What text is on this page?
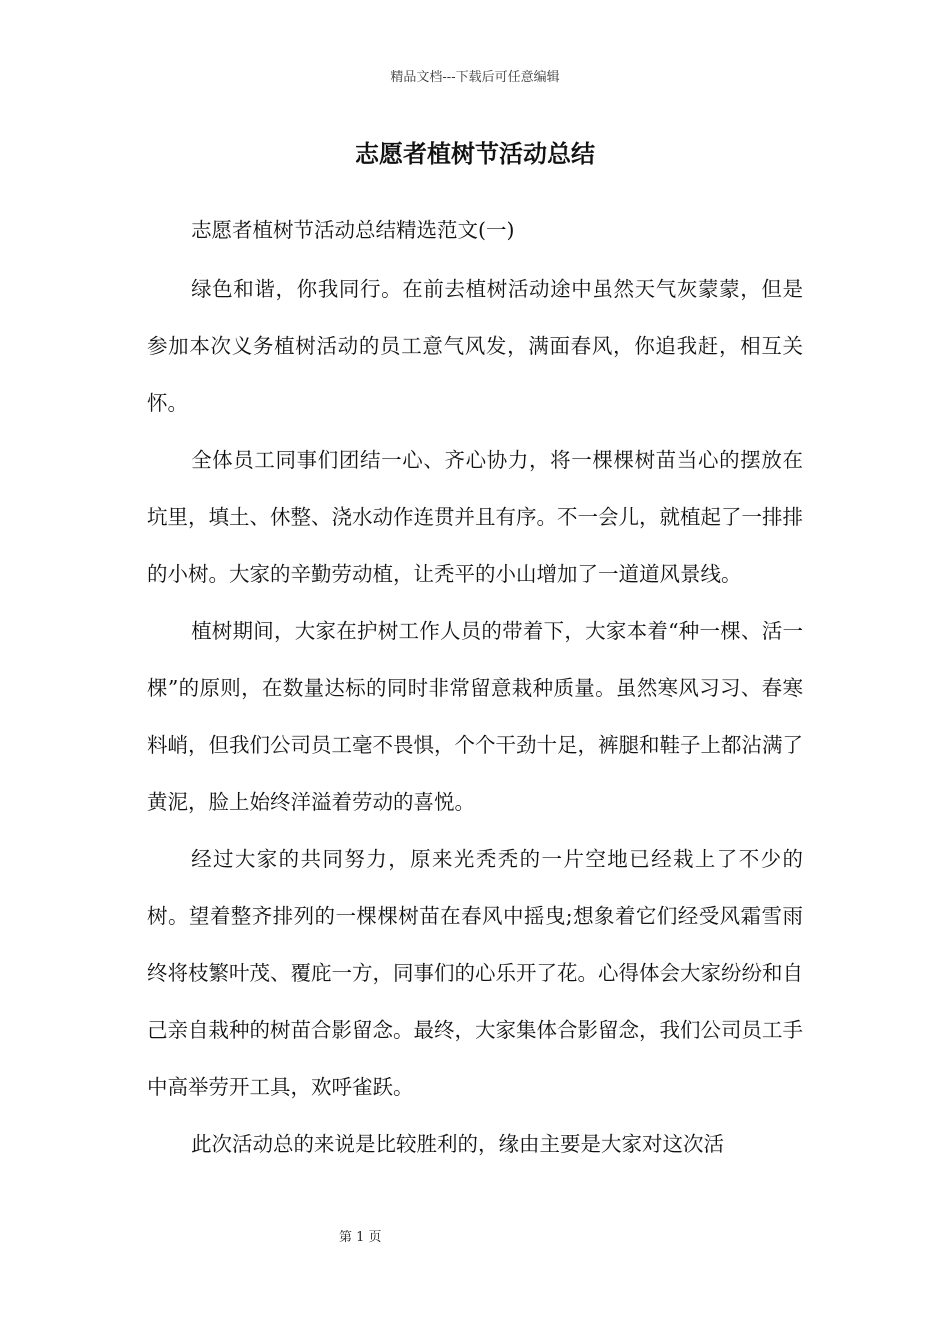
精品文档---下载后可任意编辑
志愿者植树节活动总结

志愿者植树节活动总结精选范文(一)

绿色和谐，你我同行。在前去植树活动途中虽然天气灰蒙蒙，但是参加本次义务植树活动的员工意气风发，满面春风，你追我赶，相互关怀。

全体员工同事们团结一心、齐心协力，将一棵棵树苗当心的摆放在坑里，填土、休整、浇水动作连贯并且有序。不一会儿，就植起了一排排的小树。大家的辛勤劳动植，让秃平的小山增加了一道道风景线。

植树期间，大家在护树工作人员的带着下，大家本着“种一棵、活一棵”的原则，在数量达标的同时非常留意栽种质量。虽然寒风习习、春寒料峭，但我们公司员工毫不畏惧，个个干劲十足，裤腿和鞋子上都沾满了黄泥，脸上始终洋溢着劳动的喜悦。

经过大家的共同努力，原来光秃秃的一片空地已经栽上了不少的树。望着整齐排列的一棵棵树苗在春风中摇曳;想象着它们经受风霜雪雨终将枝繁叶茂、覆庇一方，同事们的心乐开了花。心得体会大家纷纷和自己亲自栽种的树苗合影留念。最终，大家集体合影留念，我们公司员工手中高举劳开工具，欢呼雀跃。

此次活动总的来说是比较胜利的，缘由主要是大家对这次活

第 1 页
